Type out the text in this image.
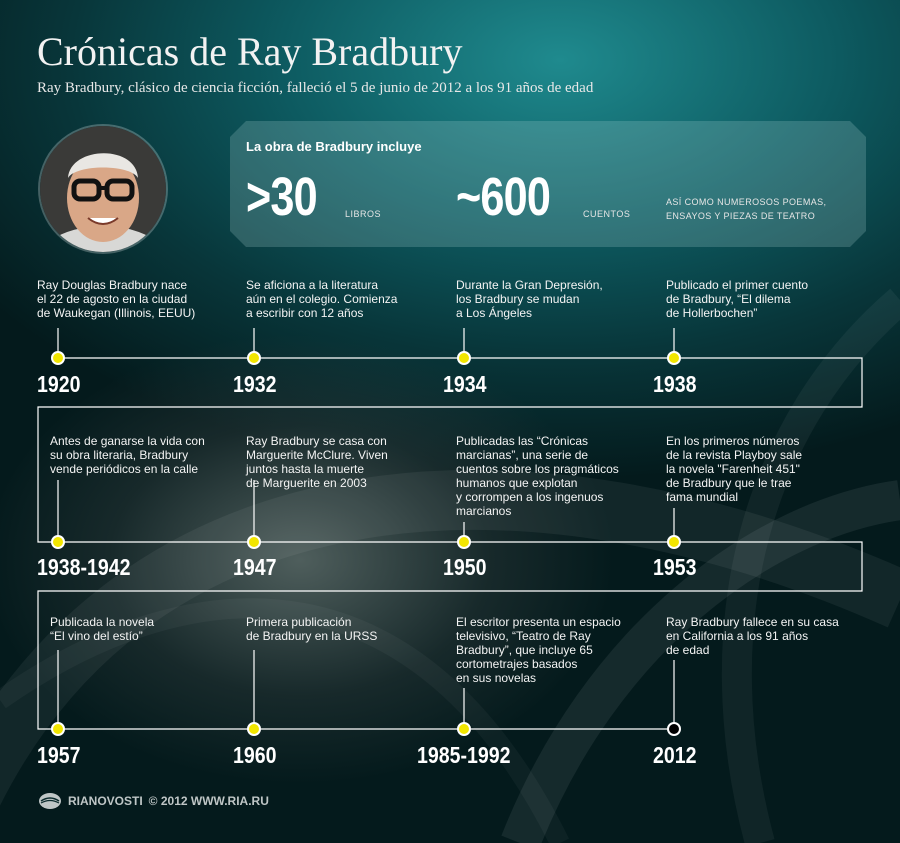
Crónicas de Ray Bradbury
Ray Bradbury, clásico de ciencia ficción, falleció el 5 de junio de 2012 a los 91 años de edad
La obra de Bradbury incluye
>30	LIBROS ~600	CUENTOS
ASÍ COMO NUMEROSOS POEMAS, ENSAYOS Y PIEZAS DE TEATRO
Ray Douglas Bradbury nace
el 22 de agosto en la ciudad
de Waukegan (Illinois, EEUU)
Se aficiona a la literatura
aún en el colegio. Comienza
a escribir con 12 años
Durante la Gran Depresión,
los Bradbury se mudan
a Los Ángeles
Publicado el primer cuento
de Bradbury, “El dilema
de Hollerbochen”
1920	1932	1934	1938
Antes de ganarse la vida con
su obra literaria, Bradbury
vende periódicos en la calle
Ray Bradbury se casa con
Marguerite McClure. Viven
juntos hasta la muerte
de Marguerite en 2003
Publicadas las “Crónicas
marcianas”, una serie de
cuentos sobre los pragmáticos
humanos que explotan
y corrompen a los ingenuos
marcianos
En los primeros números
de la revista Playboy sale
la novela "Farenheit 451"
de Bradbury que le trae
fama mundial
1938-1942	1947	1950	1953
Publicada la novela
“El vino del estío”
Primera publicación
de Bradbury en la URSS
El escritor presenta un espacio
televisivo, “Teatro de Ray
Bradbury”, que incluye 65
cortometrajes basados
en sus novelas
Ray Bradbury fallece en su casa
en California a los 91 años
de edad
1957	1960	1985-1992	2012
RIANOVOSTI © 2012 WWW.RIA.RU
